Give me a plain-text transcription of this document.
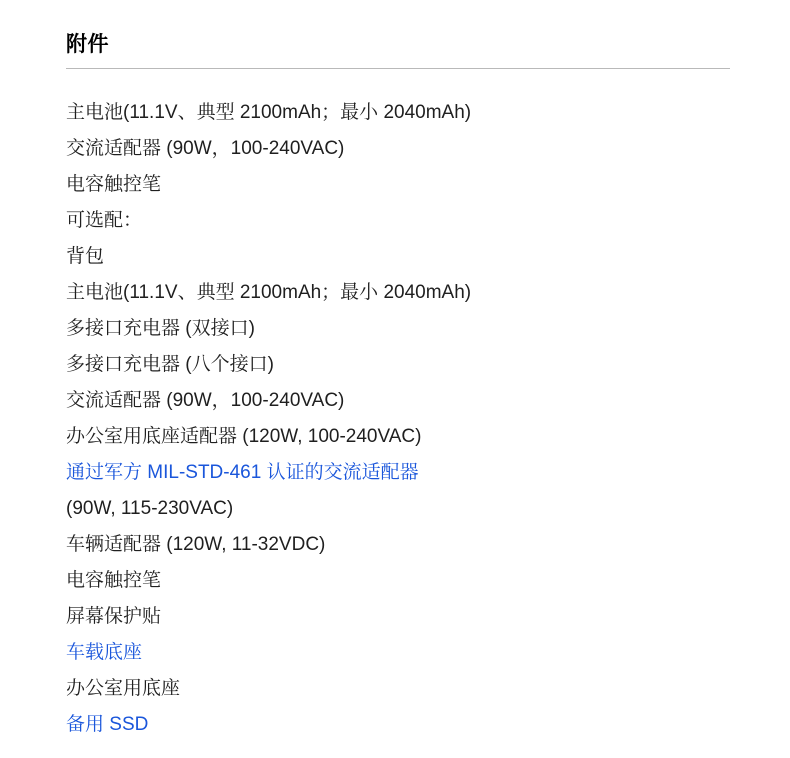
附件
主电池(11.1V、典型 2100mAh；最小 2040mAh)
交流适配器 (90W，100-240VAC)
电容触控笔
可选配：
背包
主电池(11.1V、典型 2100mAh；最小 2040mAh)
多接口充电器 (双接口)
多接口充电器 (八个接口)
交流适配器 (90W，100-240VAC)
办公室用底座适配器 (120W, 100-240VAC)
通过军方 MIL-STD-461 认证的交流适配器
(90W, 115-230VAC)
车辆适配器 (120W, 11-32VDC)
电容触控笔
屏幕保护贴
车载底座
办公室用底座
备用 SSD
